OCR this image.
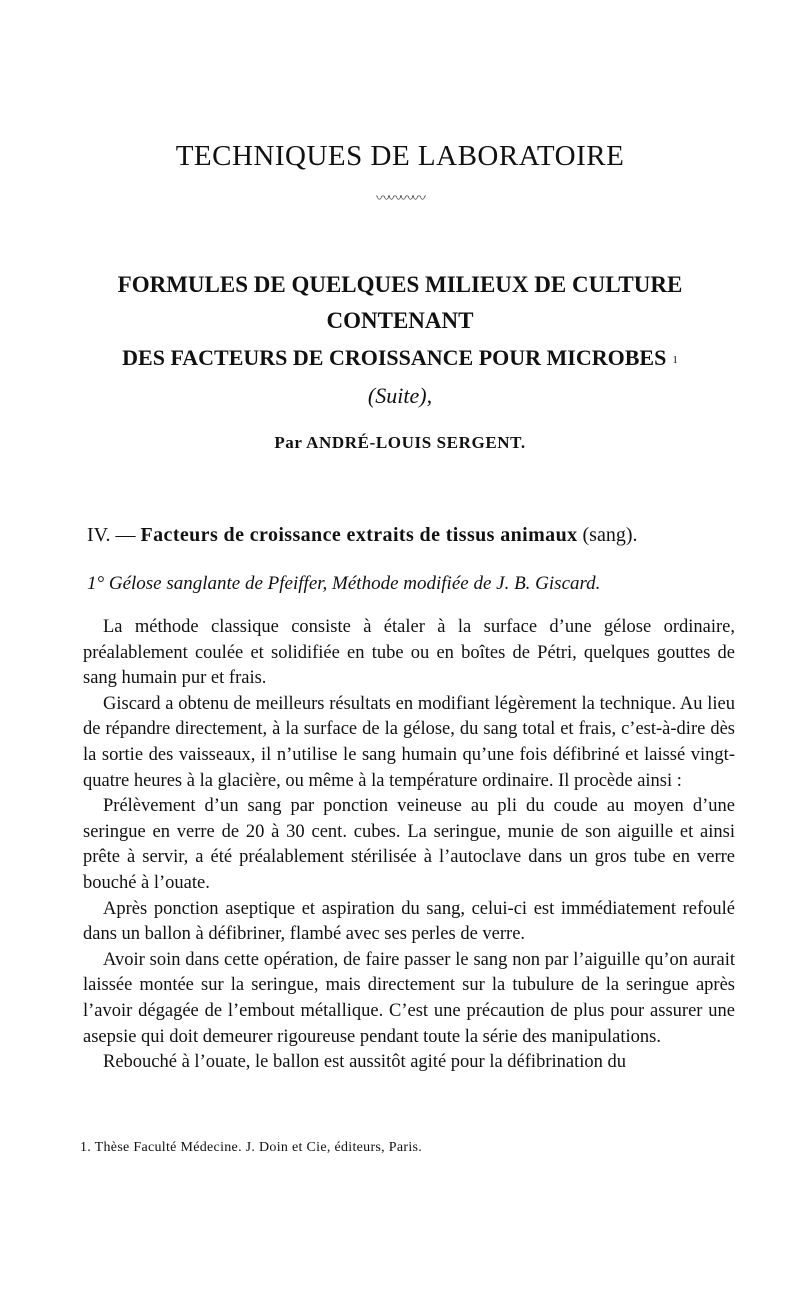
TECHNIQUES DE LABORATOIRE
〰〰〰〰
FORMULES DE QUELQUES MILIEUX DE CULTURE
CONTENANT
DES FACTEURS DE CROISSANCE POUR MICROBES $^1$
(Suite),
Par ANDRÉ-LOUIS SERGENT.
IV. — Facteurs de croissance extraits de tissus animaux (sang).
1° Gélose sanglante de Pfeiffer, Méthode modifiée de J. B. Giscard.

La méthode classique consiste à étaler à la surface d’une gélose ordinaire, préalablement coulée et solidifiée en tube ou en boîtes de Pétri, quelques gouttes de sang humain pur et frais.

Giscard a obtenu de meilleurs résultats en modifiant légèrement la technique. Au lieu de répandre directement, à la surface de la gélose, du sang total et frais, c’est-à-dire dès la sortie des vaisseaux, il n’utilise le sang humain qu’une fois défibriné et laissé vingt-quatre heures à la glacière, ou même à la température ordinaire. Il procède ainsi :

Prélèvement d’un sang par ponction veineuse au pli du coude au moyen d’une seringue en verre de 20 à 30 cent. cubes. La seringue, munie de son aiguille et ainsi prête à servir, a été préalablement stérilisée à l’autoclave dans un gros tube en verre bouché à l’ouate.

Après ponction aseptique et aspiration du sang, celui-ci est immédiatement refoulé dans un ballon à défibriner, flambé avec ses perles de verre.

Avoir soin dans cette opération, de faire passer le sang non par l’aiguille qu’on aurait laissée montée sur la seringue, mais directement sur la tubulure de la seringue après l’avoir dégagée de l’embout métallique. C’est une précaution de plus pour assurer une asepsie qui doit demeurer rigoureuse pendant toute la série des manipulations.

Rebouché à l’ouate, le ballon est aussitôt agité pour la défibrination du

1. Thèse Faculté Médecine. J. Doin et Cie, éditeurs, Paris.
